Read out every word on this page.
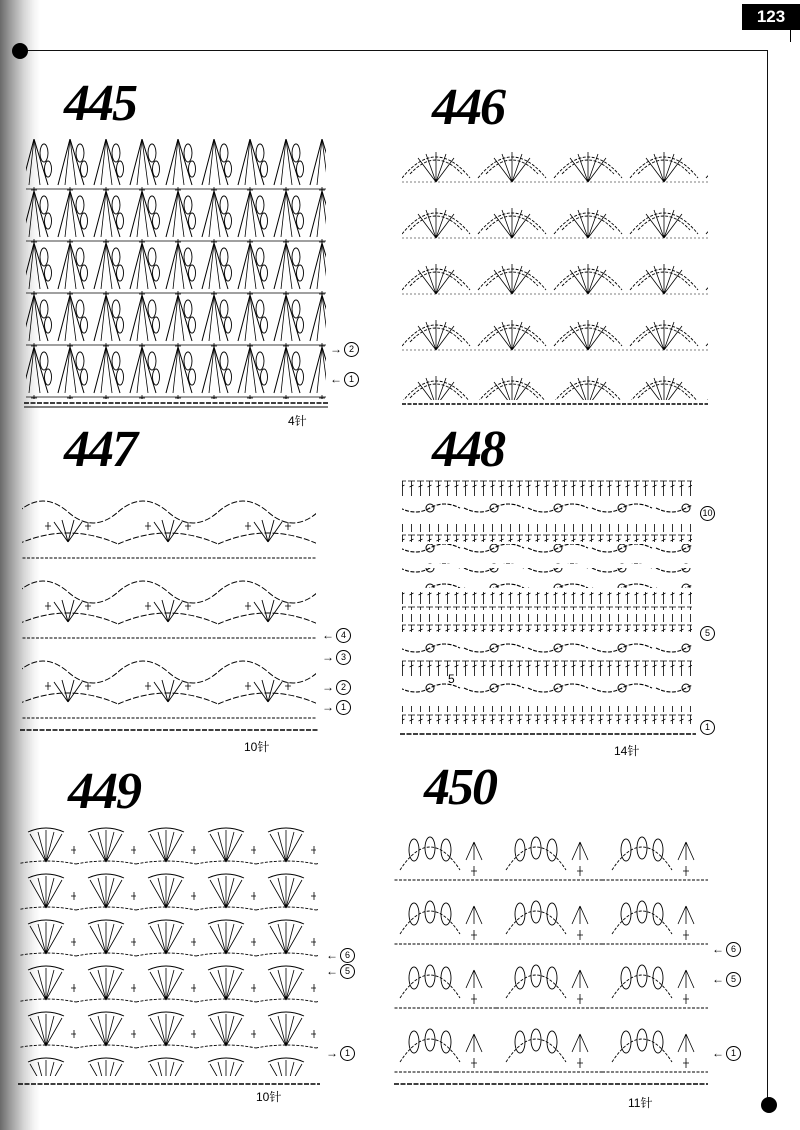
123
445	446
447	448
449	450
→ 2
← 1
4针
← 4
→ 3
→ 2
→ 1
10针
5
10
5
1
14针
← 6
← 5
→ 1
10针
← 6
← 5
← 1
11针
